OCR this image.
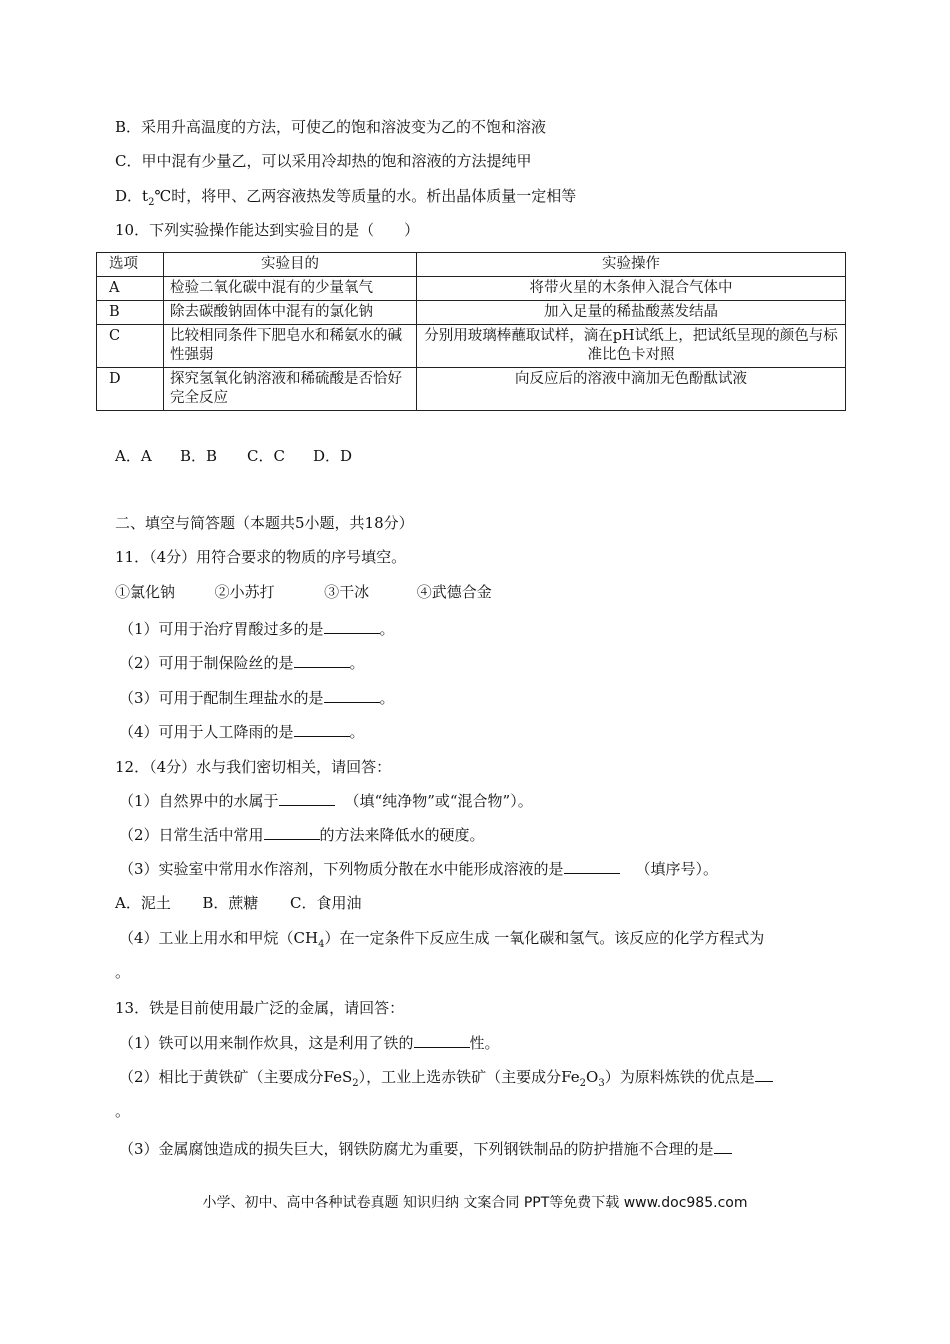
B．采用升高温度的方法，可使乙的饱和溶波变为乙的不饱和溶液
C．甲中混有少量乙，可以采用冷却热的饱和溶液的方法提纯甲
D．$t_2℃$时，将甲、乙两容液热发等质量的水。析出晶体质量一定相等
10．下列实验操作能达到实验目的是（　　）
选项	实验目的	实验操作
A	检验二氧化碳中混有的少量氧气	将带火星的木条伸入混合气体中
B	除去碳酸钠固体中混有的氯化钠	加入足量的稀盐酸蒸发结晶
C	比较相同条件下肥皂水和稀氨水的碱性强弱	分别用玻璃棒蘸取试样，滴在pH试纸上，把试纸呈现的颜色与标准比色卡对照
D	探究氢氧化钠溶液和稀硫酸是否恰好完全反应	向反应后的溶液中滴加无色酚酞试液
A．A B．B C．C D．D
二、填空与简答题（本题共5小题，共18分）
11．（4分）用符合要求的物质的序号填空。
①氯化钠	②小苏打	③干冰	④武德合金
（1）可用于治疗胃酸过多的是	。
（2）可用于制保险丝的是	。
（3）可用于配制生理盐水的是	。
（4）可用于人工降雨的是	。
12．（4分）水与我们密切相关，请回答：
（1）自然界中的水属于	（填“纯净物”或“混合物”）。
（2）日常生活中常用	的方法来降低水的硬度。
（3）实验室中常用水作溶剂，下列物质分散在水中能形成溶液的是	（填序号）。
A．泥土 B．蔗糖 C．食用油
（4）工业上用水和甲烷$(CH_4)$在一定条件下反应生成 一氧化碳和氢气。该反应的化学方程式为
。
13．铁是目前使用最广泛的金属，请回答：
（1）铁可以用来制作炊具，这是利用了铁的	性。
（2）相比于黄铁矿（主要成分FeS$_2$），工业上选赤铁矿（主要成分$Fe_2O_3$）为原料炼铁的优点是
。
（3）金属腐蚀造成的损失巨大，钢铁防腐尤为重要，下列钢铁制品的防护措施不合理的是
小学、初中、高中各种试卷真题 知识归纳 文案合同 PPT等免费下载 www.doc985.com
